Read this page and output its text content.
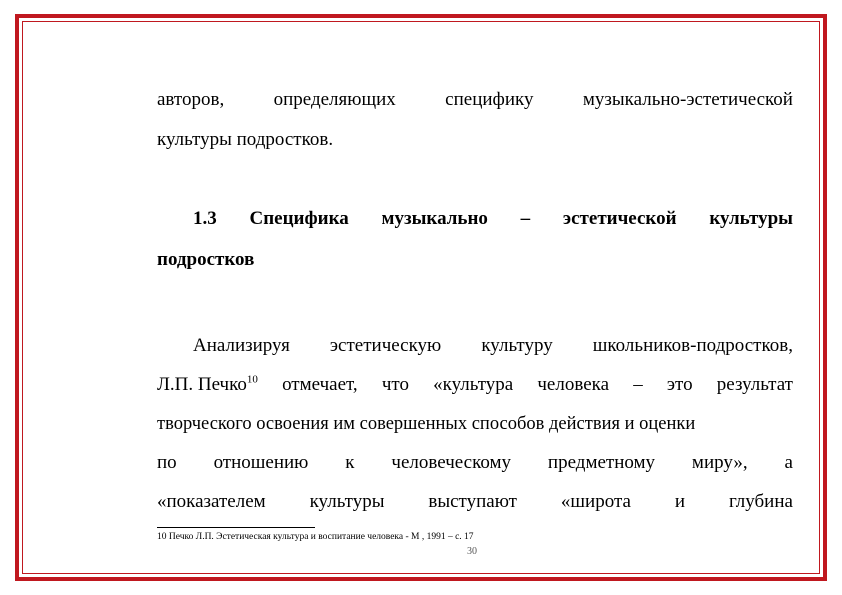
авторов,	определяющих	специфику	музыкально-эстетической
культуры подростков.
1.3 Специфика музыкально – эстетической культуры
подростков
Анализируя эстетическую культуру школьников-подростков,
Л.П. Печко$^{10}$ отмечает, что «культура человека – это результат
творческого освоения им совершенных способов действия и оценки
по отношению к человеческому предметному миру», а
«показателем культуры выступают «широта и глубина
10 Печко Л.П. Эстетическая культура и воспитание человека - М , 1991 – с. 17
30
